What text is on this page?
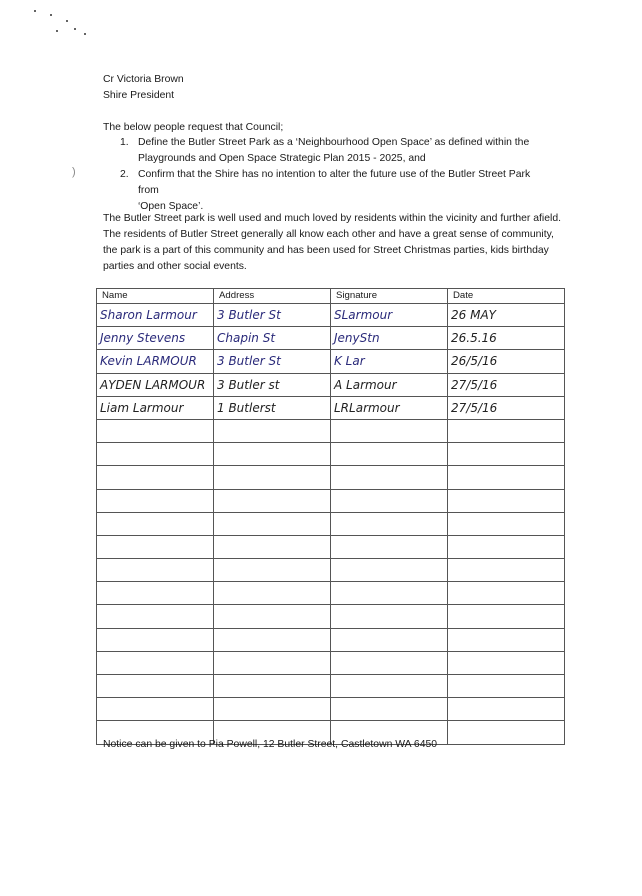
)
Cr Victoria Brown
Shire President
The below people request that Council;
1. Define the Butler Street Park as a ‘Neighbourhood Open Space’ as defined within the
Playgrounds and Open Space Strategic Plan 2015 - 2025, and
2. Confirm that the Shire has no intention to alter the future use of the Butler Street Park from
‘Open Space’.
The Butler Street park is well used and much loved by residents within the vicinity and further afield.
The residents of Butler Street generally all know each other and have a great sense of community,
the park is a part of this community and has been used for Street Christmas parties, kids birthday
parties and other social events.
Name	Address	Signature	Date
Sharon Larmour	3 Butler St	SLarmour	26 MAY
Jenny Stevens	Chapin St	JenyStn	26.5.16
Kevin LARMOUR	3 Butler St	K Lar	26/5/16
AYDEN LARMOUR	3 Butler st	A Larmour	27/5/16
Liam Larmour	1 Butlerst	LRLarmour	27/5/16

Notice can be given to Pia Powell, 12 Butler Street, Castletown WA 6450
